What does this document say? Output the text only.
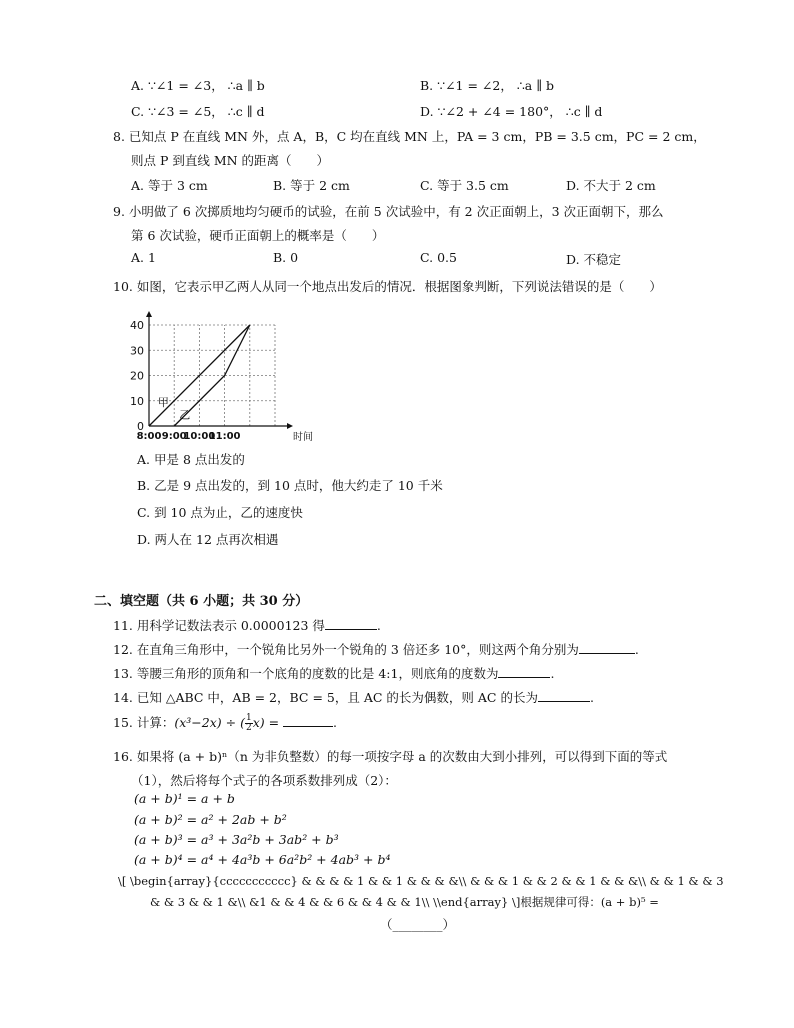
A. ∵∠1 = ∠3， ∴a ∥ b	B. ∵∠1 = ∠2， ∴a ∥ b
C. ∵∠3 = ∠5， ∴c ∥ d	D. ∵∠2 + ∠4 = 180°， ∴c ∥ d
8. 已知点 P 在直线 MN 外，点 A，B，C 均在直线 MN 上，PA = 3 cm，PB = 3.5 cm，PC = 2 cm，
则点 P 到直线 MN 的距离（　　）
A. 等于 3 cm	B. 等于 2 cm	C. 等于 3.5 cm	D. 不大于 2 cm
9. 小明做了 6 次掷质地均匀硬币的试验，在前 5 次试验中，有 2 次正面朝上，3 次正面朝下，那么
第 6 次试验，硬币正面朝上的概率是（　　）
A. 1	B. 0	C. 0.5	D. 不稳定
10. 如图，它表示甲乙两人从同一个地点出发后的情况．根据图象判断，下列说法错误的是（　　）
0
10
20
30
40
8:00 9:00
10:00
11:00	时间
甲
乙
A. 甲是 8 点出发的
B. 乙是 9 点出发的，到 10 点时，他大约走了 10 千米
C. 到 10 点为止，乙的速度快
D. 两人在 12 点再次相遇
二、填空题（共 6 小题；共 30 分）
11. 用科学记数法表示 0.0000123 得	.
12. 在直角三角形中，一个锐角比另外一个锐角的 3 倍还多 10°，则这两个角分别为	.
13. 等腰三角形的顶角和一个底角的度数的比是 4:1，则底角的度数为	.
14. 已知 △ABC 中，AB = 2，BC = 5，且 AC 的长为偶数，则 AC 的长为	.
15. 计算：(x³−2x) ÷ ( $\frac{1}{2} x$) =	.
16. 如果将 (a + b)ⁿ（n 为非负整数）的每一项按字母 a 的次数由大到小排列，可以得到下面的等式
（1），然后将每个式子的各项系数排列成（2）：
(a + b)¹ = a + b
(a + b)² = a² + 2ab + b²
(a + b)³ = a³ + 3a²b + 3ab² + b³
(a + b)⁴ = a⁴ + 4a³b + 6a²b² + 4ab³ + b⁴
\[ \begin{array}{ccccccccccc} & & & & 1 & & 1 & & & &\\ & & & 1 & & 2 & & 1 & & &\\ & & 1 & & 3
& & 3 & & 1 &\\ &1 & & 4 & & 6 & & 4 & & 1\\ \\end{array} \]根据规律可得：(a + b)⁵ =
（________）
